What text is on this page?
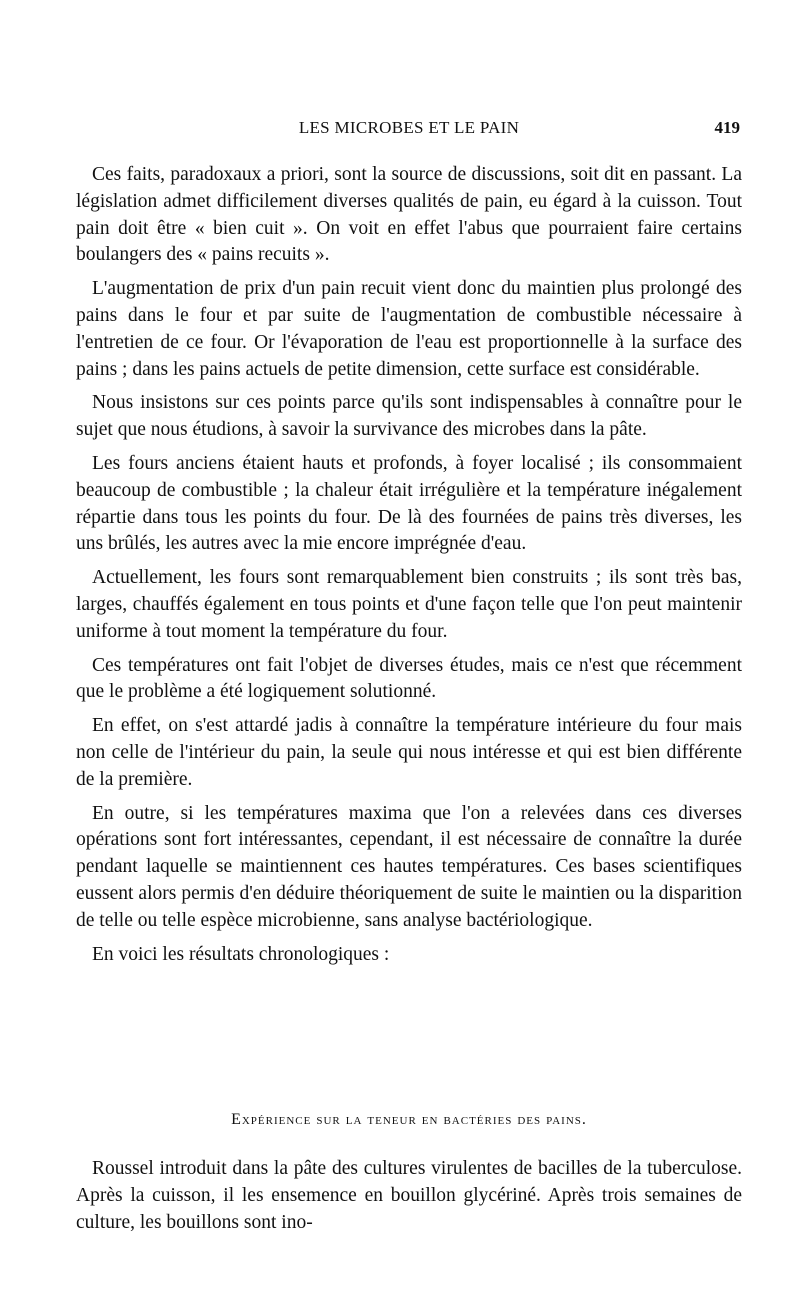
LES MICROBES ET LE PAIN	419

Ces faits, paradoxaux a priori, sont la source de discussions, soit dit en passant. La législation admet difficilement diverses qualités de pain, eu égard à la cuisson. Tout pain doit être « bien cuit ». On voit en effet l'abus que pourraient faire certains boulangers des « pains recuits ».

L'augmentation de prix d'un pain recuit vient donc du maintien plus prolongé des pains dans le four et par suite de l'augmentation de combustible nécessaire à l'entretien de ce four. Or l'évaporation de l'eau est proportionnelle à la surface des pains ; dans les pains actuels de petite dimension, cette surface est considérable.

Nous insistons sur ces points parce qu'ils sont indispensables à connaître pour le sujet que nous étudions, à savoir la survivance des microbes dans la pâte.

Les fours anciens étaient hauts et profonds, à foyer localisé ; ils consommaient beaucoup de combustible ; la chaleur était irrégulière et la température inégalement répartie dans tous les points du four. De là des fournées de pains très diverses, les uns brûlés, les autres avec la mie encore imprégnée d'eau.

Actuellement, les fours sont remarquablement bien construits ; ils sont très bas, larges, chauffés également en tous points et d'une façon telle que l'on peut maintenir uniforme à tout moment la température du four.

Ces températures ont fait l'objet de diverses études, mais ce n'est que récemment que le problème a été logiquement solutionné.

En effet, on s'est attardé jadis à connaître la température intérieure du four mais non celle de l'intérieur du pain, la seule qui nous intéresse et qui est bien différente de la première.

En outre, si les températures maxima que l'on a relevées dans ces diverses opérations sont fort intéressantes, cependant, il est nécessaire de connaître la durée pendant laquelle se maintiennent ces hautes températures. Ces bases scientifiques eussent alors permis d'en déduire théoriquement de suite le maintien ou la disparition de telle ou telle espèce microbienne, sans analyse bactériologique.

En voici les résultats chronologiques :

Expérience sur la teneur en bactéries des pains.

Roussel introduit dans la pâte des cultures virulentes de bacilles de la tuberculose. Après la cuisson, il les ensemence en bouillon glycériné. Après trois semaines de culture, les bouillons sont ino-
